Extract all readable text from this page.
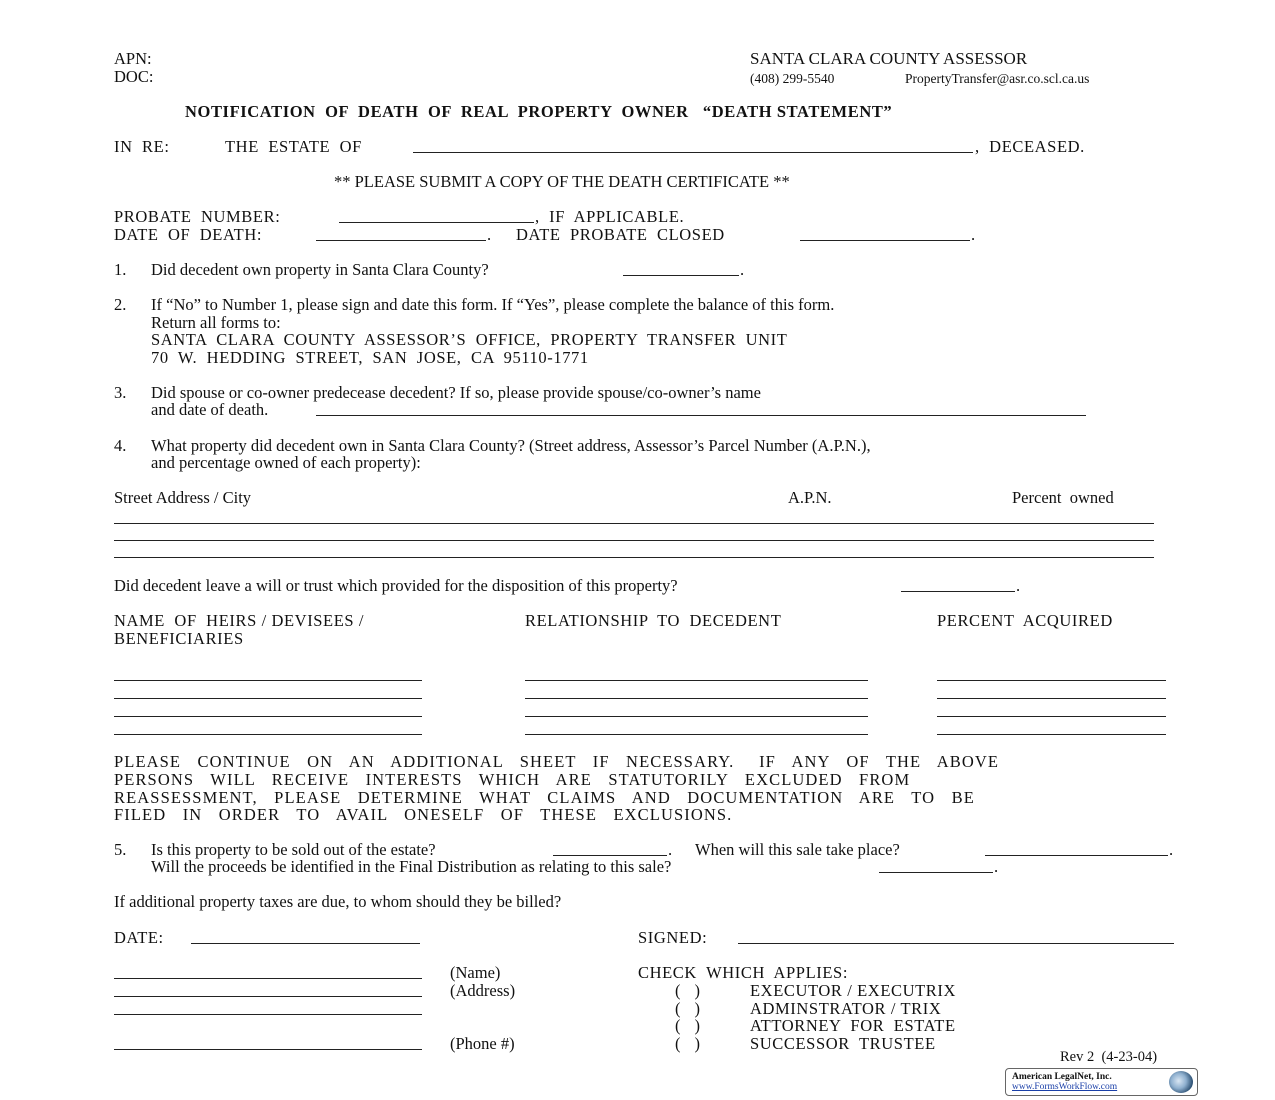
APN:
DOC:
SANTA CLARA COUNTY ASSESSOR
(408) 299-5540	PropertyTransfer@asr.co.scl.ca.us
NOTIFICATION  OF  DEATH  OF  REAL  PROPERTY  OWNER   “DEATH STATEMENT”
IN  RE:	THE  ESTATE  OF	,  DECEASED.
** PLEASE SUBMIT A COPY OF THE DEATH CERTIFICATE **
PROBATE  NUMBER:	,  IF  APPLICABLE.
DATE  OF  DEATH:	. DATE  PROBATE  CLOSED	.
1. Did decedent own property in Santa Clara County?	.
2. If “No” to Number 1, please sign and date this form. If “Yes”, please complete the balance of this form.
Return all forms to:
SANTA  CLARA  COUNTY  ASSESSOR’S  OFFICE,  PROPERTY  TRANSFER  UNIT
70  W.  HEDDING  STREET,  SAN  JOSE,  CA  95110-1771
3. Did spouse or co-owner predecease decedent? If so, please provide spouse/co-owner’s name
and date of death.
4. What property did decedent own in Santa Clara County? (Street address, Assessor’s Parcel Number (A.P.N.),
and percentage owned of each property):
Street Address / City	A.P.N.	Percent  owned
Did decedent leave a will or trust which provided for the disposition of this property?	.
NAME  OF  HEIRS / DEVISEES /
BENEFICIARIES
RELATIONSHIP  TO  DECEDENT	PERCENT  ACQUIRED
PLEASE  CONTINUE  ON  AN  ADDITIONAL  SHEET  IF  NECESSARY.   IF  ANY  OF  THE  ABOVE
PERSONS  WILL  RECEIVE  INTERESTS  WHICH  ARE  STATUTORILY  EXCLUDED  FROM
REASSESSMENT,  PLEASE  DETERMINE  WHAT  CLAIMS  AND  DOCUMENTATION  ARE  TO  BE
FILED  IN  ORDER  TO  AVAIL  ONESELF  OF  THESE  EXCLUSIONS.
5. Is this property to be sold out of the estate?	. When will this sale take place?	.
Will the proceeds be identified in the Final Distribution as relating to this sale?	.
If additional property taxes are due, to whom should they be billed?
DATE:	SIGNED:
(Name)
(Address)
(Phone #)
CHECK  WHICH  APPLIES:
()	EXECUTOR / EXECUTRIX
()	ADMINSTRATOR / TRIX
()	ATTORNEY  FOR  ESTATE
()	SUCCESSOR  TRUSTEE
Rev 2  (4-23-04)
American LegalNet, Inc.
www.FormsWorkFlow.com
